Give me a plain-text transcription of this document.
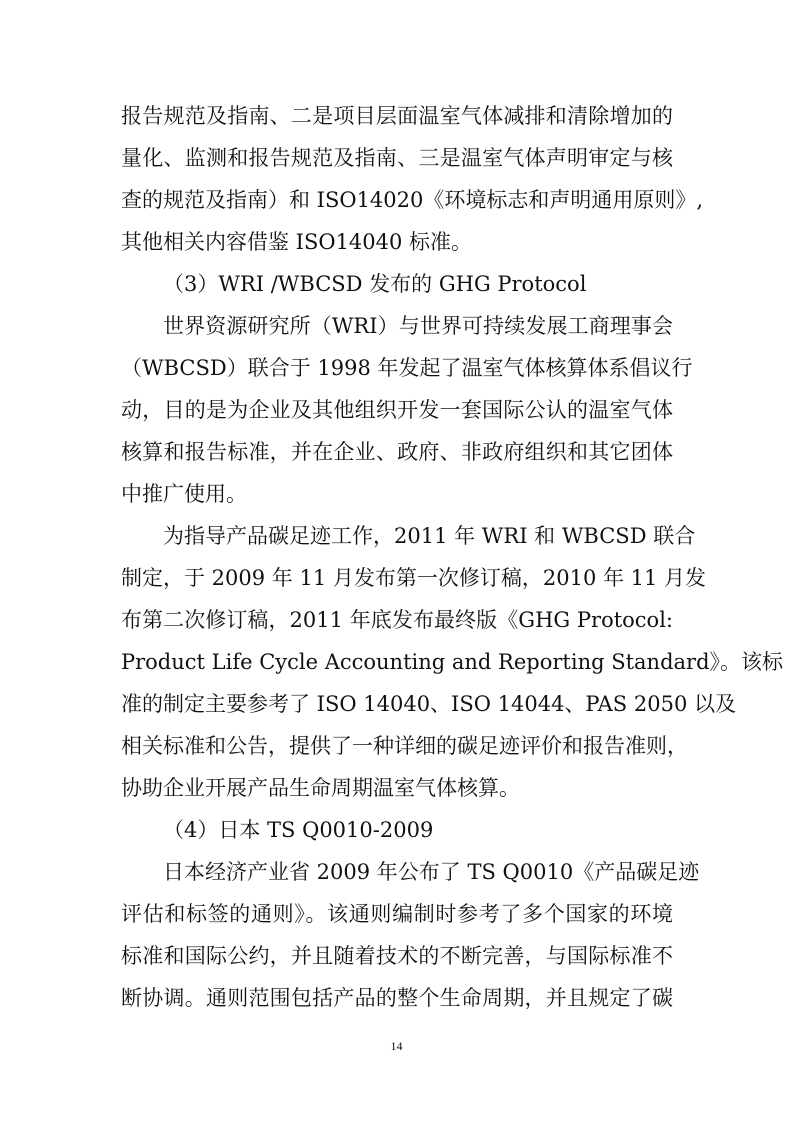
报告规范及指南、二是项目层面温室气体减排和清除增加的
量化、监测和报告规范及指南、三是温室气体声明审定与核
查的规范及指南）和 ISO14020《环境标志和声明通用原则》,
其他相关内容借鉴 ISO14040 标准。
（3）WRI /WBCSD 发布的 GHG Protocol
世界资源研究所（WRI）与世界可持续发展工商理事会
（WBCSD）联合于 1998 年发起了温室气体核算体系倡议行
动，目的是为企业及其他组织开发一套国际公认的温室气体
核算和报告标准，并在企业、政府、非政府组织和其它团体
中推广使用。
为指导产品碳足迹工作，2011 年 WRI 和 WBCSD 联合
制定，于 2009 年 11 月发布第一次修订稿，2010 年 11 月发
布第二次修订稿，2011 年底发布最终版《GHG Protocol:
Product Life Cycle Accounting and Reporting Standard》。该标
准的制定主要参考了 ISO 14040、ISO 14044、PAS 2050 以及
相关标准和公告，提供了一种详细的碳足迹评价和报告准则，
协助企业开展产品生命周期温室气体核算。
（4）日本 TS Q0010-2009
日本经济产业省 2009 年公布了 TS Q0010《产品碳足迹
评估和标签的通则》。该通则编制时参考了多个国家的环境
标准和国际公约，并且随着技术的不断完善，与国际标准不
断协调。通则范围包括产品的整个生命周期，并且规定了碳
14
